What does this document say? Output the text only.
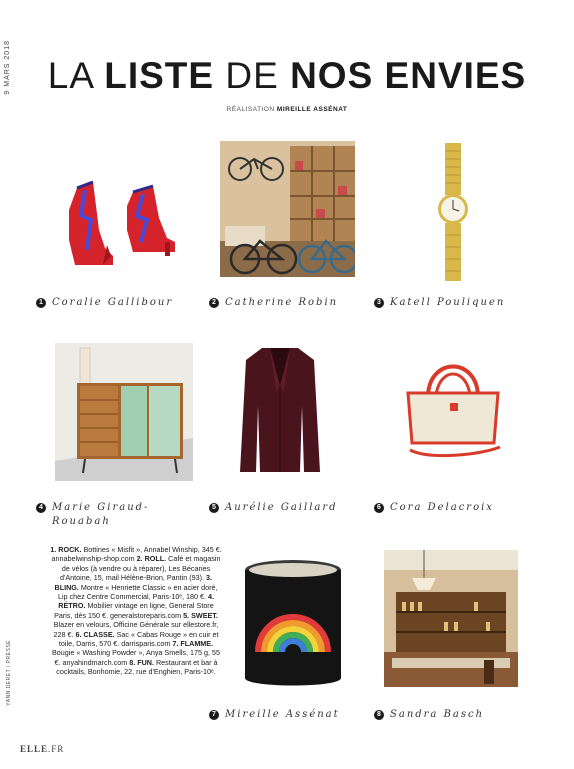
9 MARS 2018 LA LISTE DE NOS ENVIES
RÉALISATION MIREILLE ASSÉNAT
1 Coralie Gallibour	2 Catherine Robin	3 Katell Pouliquen
4 Marie Giraud-Rouabah
5 Aurélie Gaillard	6 Cora Delacroix
7 Mireille Assénat	8 Sandra Basch
1. ROCK. Bottines « Misfit », Annabel Winship, 345 €. annabelwinship-shop.com 2. ROLL. Café et magasin de vélos (à vendre ou à réparer), Les Bécanes d'Antoine, 15, mail Hélène-Brion, Pantin (93). 3. BLING. Montre « Henriette Classic » en acier doré, Lip chez Centre Commercial, Paris-10ᵉ, 180 €. 4. RÉTRO. Mobilier vintage en ligne, General Store Paris, dès 150 €. generalstoreparis.com 5. SWEET. Blazer en velours, Officine Générale sur ellestore.fr, 228 €. 6. CLASSE. Sac « Cabas Rouge » en cuir et toile, Darris, 570 €. darrisparis.com 7. FLAMME. Bougie « Washing Powder », Anya Smells, 175 g, 55 €. anyahindmarch.com 8. FUN. Restaurant et bar à cocktails, Bonhomie, 22, rue d'Enghien, Paris-10ᵉ.
YANN DERET / PRESSE
ELLE.FR
